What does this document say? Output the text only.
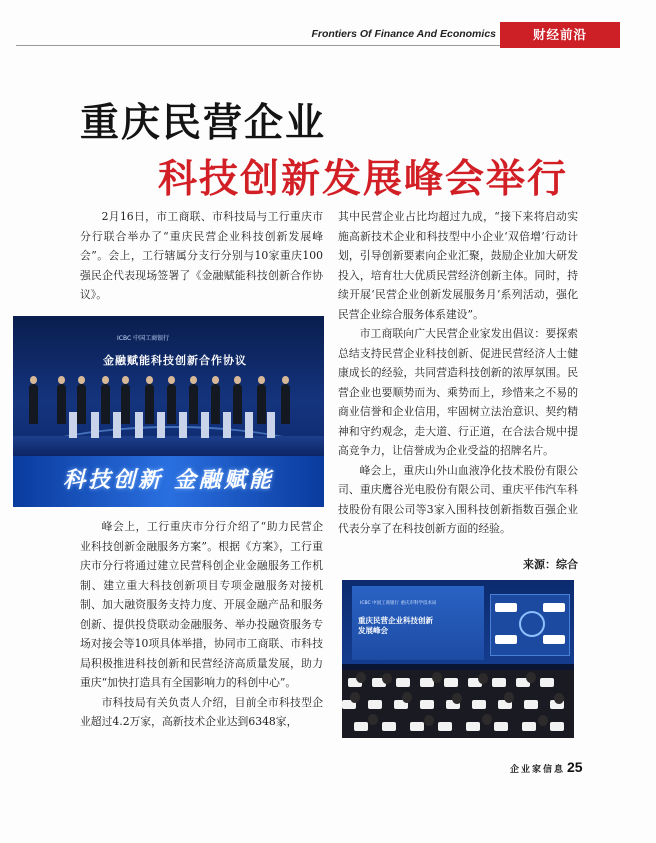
Frontiers Of Finance And Economics	财经前沿
重庆民营企业
科技创新发展峰会举行

2月16日，市工商联、市科技局与工行重庆市分行联合举办了“重庆民营企业科技创新发展峰会”。会上，工行辖属分支行分别与10家重庆100强民企代表现场签署了《金融赋能科技创新合作协议》。

ICBC 中国工商银行
金融赋能科技创新合作协议
科技创新 金融赋能

峰会上，工行重庆市分行介绍了“助力民营企业科技创新金融服务方案”。根据《方案》，工行重庆市分行将通过建立民营科创企业金融服务工作机制、建立重大科技创新项目专项金融服务对接机制、加大融资服务支持力度、开展金融产品和服务创新、提供投贷联动金融服务、举办投融资服务专场对接会等10项具体举措，协同市工商联、市科技局积极推进科技创新和民营经济高质量发展，助力重庆“加快打造具有全国影响力的科创中心”。

市科技局有关负责人介绍，目前全市科技型企业超过4.2万家，高新技术企业达到6348家，

其中民营企业占比均超过九成，“接下来将启动实施高新技术企业和科技型中小企业‘双倍增’行动计划，引导创新要素向企业汇聚，鼓励企业加大研发投入，培育壮大优质民营经济创新主体。同时，持续开展‘民营企业创新发展服务月’系列活动，强化民营企业综合服务体系建设”。

市工商联向广大民营企业家发出倡议：要探索总结支持民营企业科技创新、促进民营经济人士健康成长的经验，共同营造科技创新的浓厚氛围。民营企业也要顺势而为、乘势而上，珍惜来之不易的商业信誉和企业信用，牢固树立法治意识、契约精神和守约观念，走大道、行正道，在合法合规中提高竞争力，让信誉成为企业受益的招牌名片。

峰会上，重庆山外山血液净化技术股份有限公司、重庆鹰谷光电股份有限公司、重庆平伟汽车科技股份有限公司等3家入围科技创新指数百强企业代表分享了在科技创新方面的经验。

来源：综合
ICBC 中国工商银行 重庆市科学技术局
重庆民营企业科技创新
发展峰会
企业家信息 25
